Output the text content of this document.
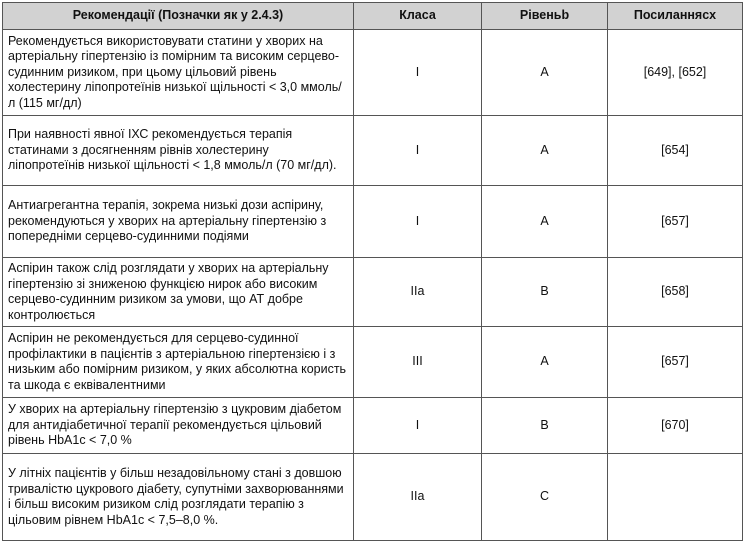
Рекомендації (Позначки як у 2.4.3)	Класа	Рівеньb	Посиланнясx
Рекомендується використовувати статини у хворих на артеріальну гіпертензію із помірним та високим серцево-судинним ризиком, при цьому цільовий рівень холестерину ліпопротеїнів низької щільності < 3,0 ммоль/ л (115 мг/дл)	I	A	[649], [652]
При наявності явної ІХС рекомендується терапія статинами з досягненням рівнів холестерину ліпопротеїнів низької щільності < 1,8 ммоль/л (70 мг/дл).	I	A	[654]
Антиагрегантна терапія, зокрема низькі дози аспірину, рекомендуються у хворих на артеріальну гіпертензію з попередніми серцево-судинними подіями	I	A	[657]
Аспірин також слід розглядати у хворих на артеріальну гіпертензію зі зниженою функцією нирок або високим серцево-судинним ризиком за умови, що АТ добре контролюється	IIa	B	[658]
Аспірин не рекомендується для серцево-судинної профілактики в пацієнтів з артеріальною гіпертензією і з низьким або помірним ризиком, у яких абсолютна користь та шкода є еквівалентними	III	A	[657]
У хворих на артеріальну гіпертензію з цукровим діабетом для антидіабетичної терапії рекомендується цільовий рівень HbA1c < 7,0 %	I	B	[670]
У літніх пацієнтів у більш незадовільному стані з довшою тривалістю цукрового діабету, супутніми захворюваннями і більш високим ризиком слід розглядати терапію з цільовим рівнем HbA1c < 7,5–8,0 %.	IIa	C	
